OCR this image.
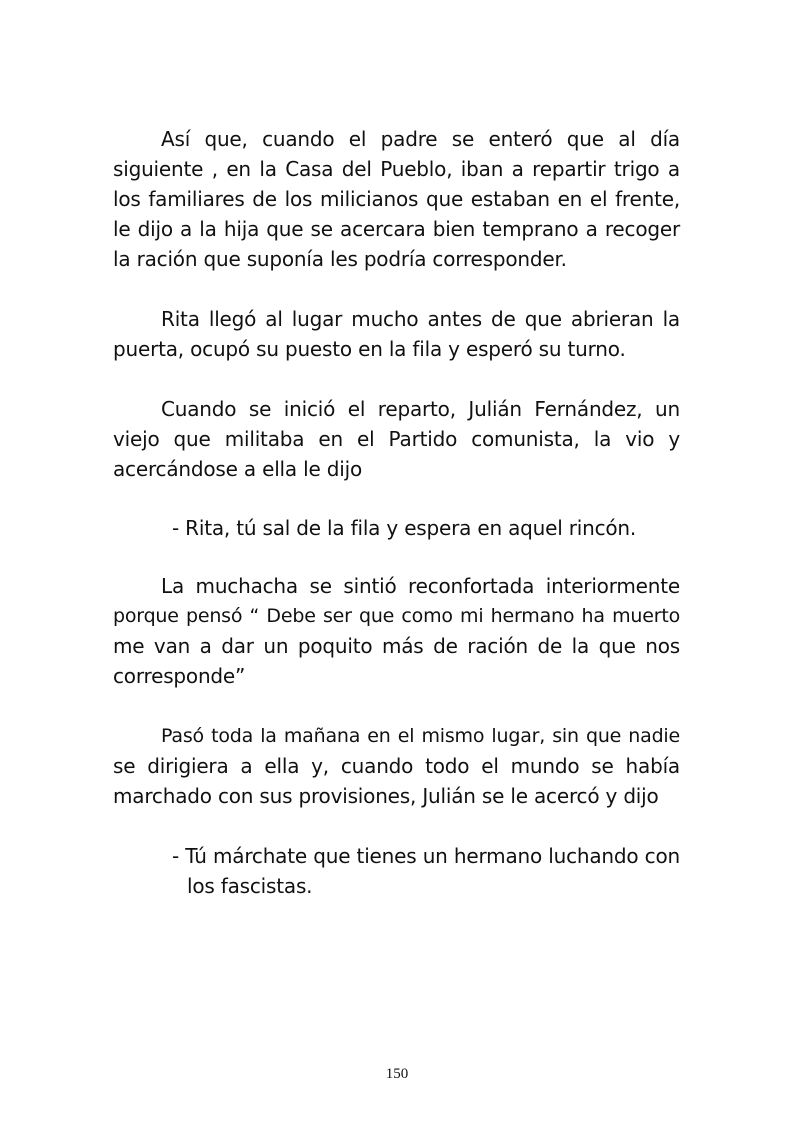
Así que, cuando el padre se enteró que al día
siguiente , en la Casa del Pueblo, iban a repartir trigo a
los familiares de los milicianos que estaban en el frente,
le dijo a la hija que se acercara bien temprano a recoger
la ración que suponía les podría corresponder.
Rita llegó al lugar mucho antes de que abrieran la
puerta, ocupó su puesto en la fila y esperó su turno.
Cuando se inició el reparto, Julián Fernández, un
viejo que militaba en el Partido comunista, la vio y
acercándose a ella le dijo
- Rita, tú sal de la fila y espera en aquel rincón.
La muchacha se sintió reconfortada interiormente
porque pensó “ Debe ser que como mi hermano ha muerto
me van a dar un poquito más de ración de la que nos
corresponde”
Pasó toda la mañana en el mismo lugar, sin que nadie
se dirigiera a ella y, cuando todo el mundo se había
marchado con sus provisiones, Julián se le acercó y dijo
- Tú márchate que tienes un hermano luchando con
los fascistas.
150
